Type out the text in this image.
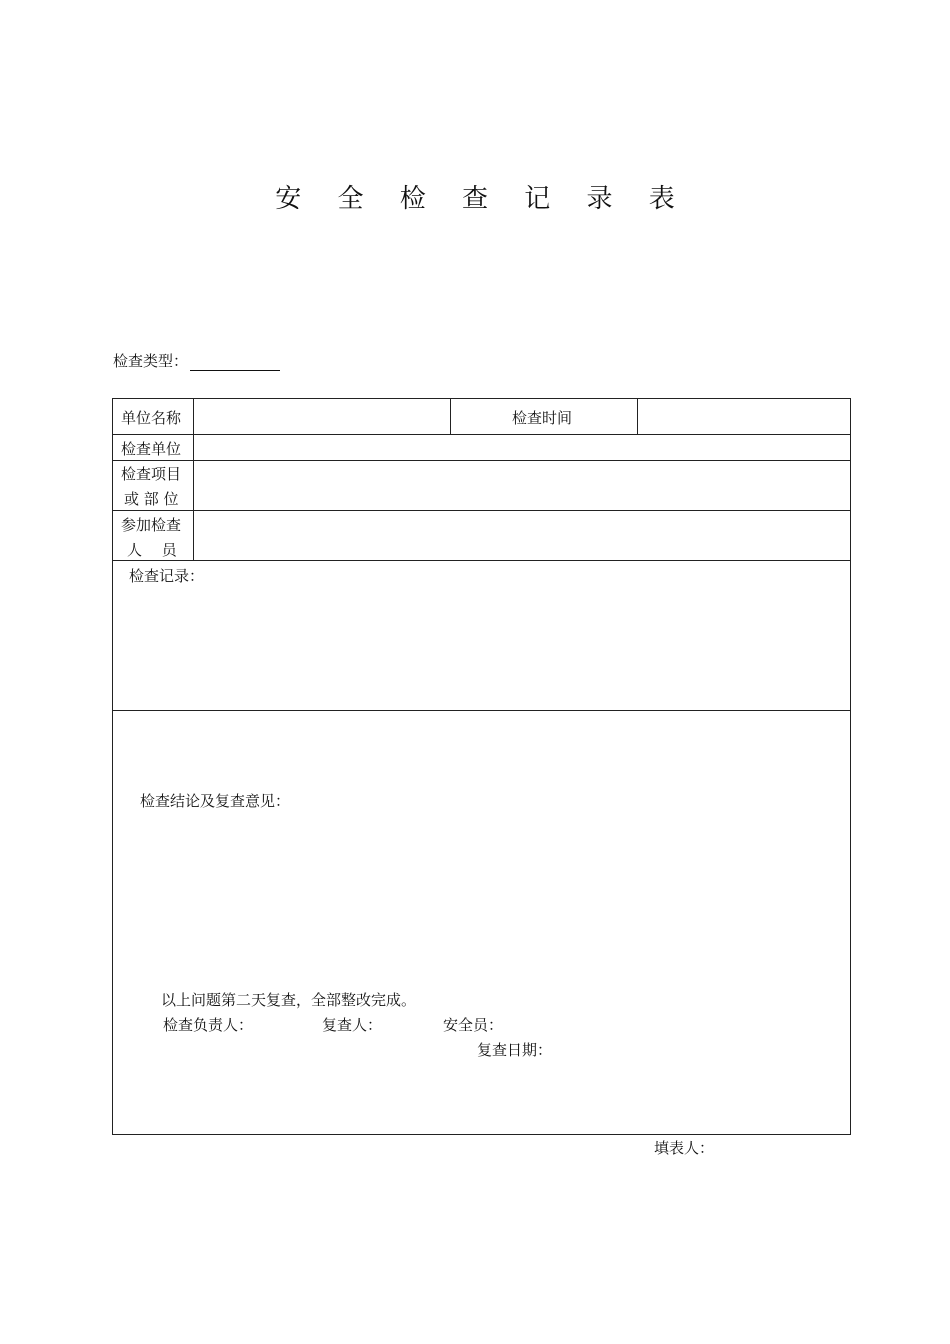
安 全 检 查 记 录 表
检查类型：
单位名称	检查时间
检查单位
检查项目
或 部 位
参加检查
人　 员
检查记录：
检查结论及复查意见：
以上问题第二天复查，全部整改完成。
检查负责人：	复查人：	安全员：
复查日期：
填表人：
